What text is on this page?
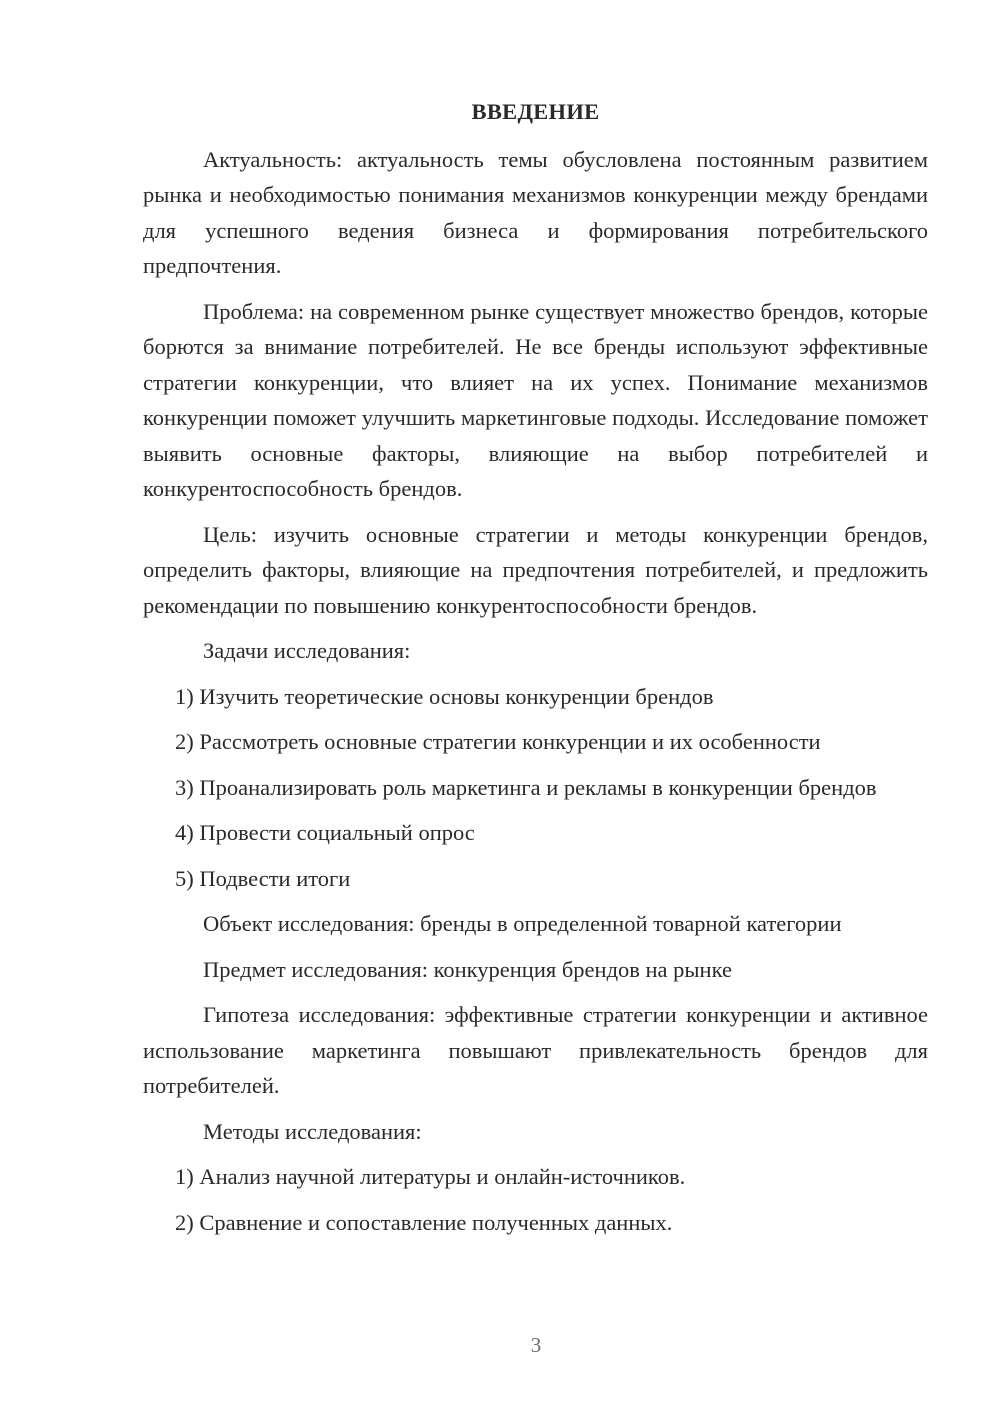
ВВЕДЕНИЕ

Актуальность: актуальность темы обусловлена постоянным развитием рынка и необходимостью понимания механизмов конкуренции между брендами для успешного ведения бизнеса и формирования потребительского предпочтения.

Проблема: на современном рынке существует множество брендов, которые борются за внимание потребителей. Не все бренды используют эффективные стратегии конкуренции, что влияет на их успех. Понимание механизмов конкуренции поможет улучшить маркетинговые подходы. Исследование поможет выявить основные факторы, влияющие на выбор потребителей и конкурентоспособность брендов.

Цель: изучить основные стратегии и методы конкуренции брендов, определить факторы, влияющие на предпочтения потребителей, и предложить рекомендации по повышению конкурентоспособности брендов.

Задачи исследования:

1) Изучить теоретические основы конкуренции брендов

2) Рассмотреть основные стратегии конкуренции и их особенности

3) Проанализировать роль маркетинга и рекламы в конкуренции брендов

4) Провести социальный опрос

5) Подвести итоги

Объект исследования: бренды в определенной товарной категории

Предмет исследования: конкуренция брендов на рынке

Гипотеза исследования: эффективные стратегии конкуренции и активное использование маркетинга повышают привлекательность брендов для потребителей.

Методы исследования:

1) Анализ научной литературы и онлайн-источников.

2) Сравнение и сопоставление полученных данных.

3
